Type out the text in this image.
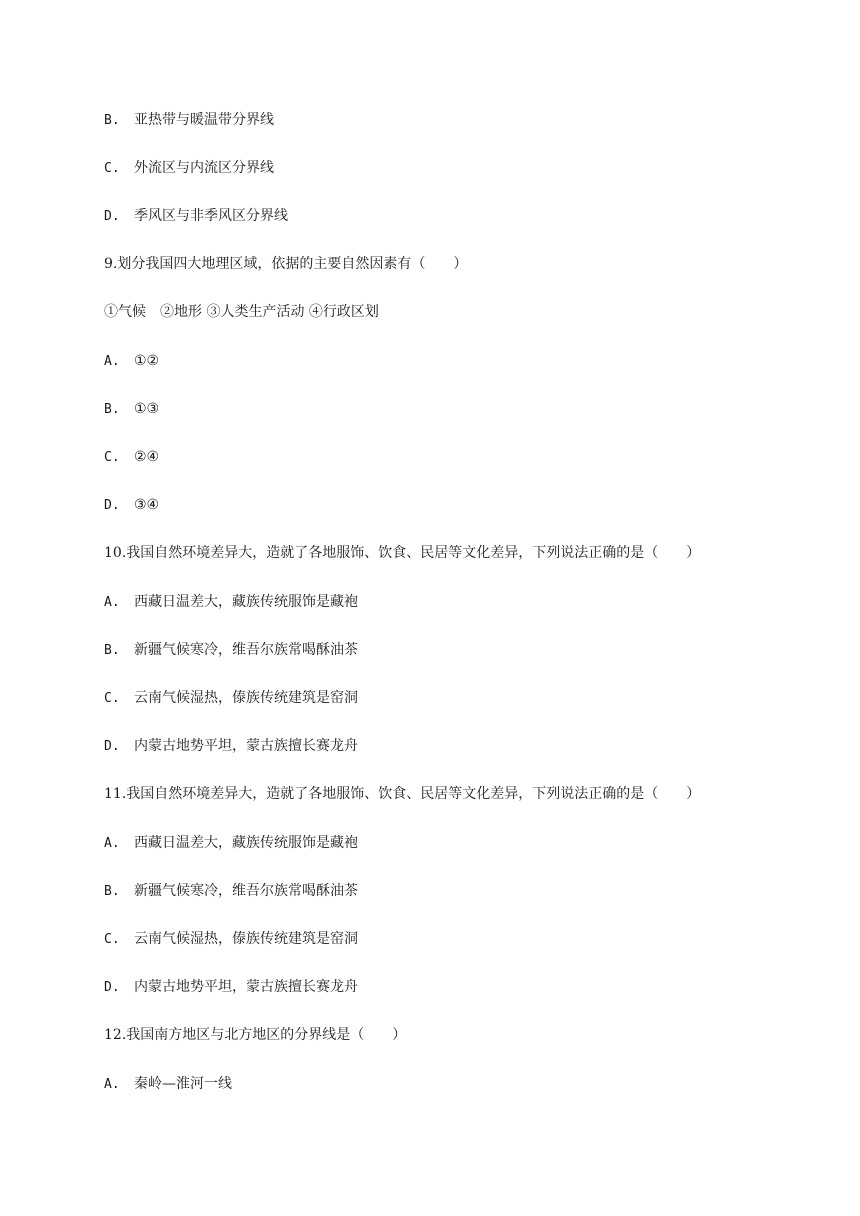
B. 亚热带与暖温带分界线
C. 外流区与内流区分界线
D. 季风区与非季风区分界线
9.划分我国四大地理区域，依据的主要自然因素有（　　）
①气候　②地形 ③人类生产活动 ④行政区划
A. ①②
B. ①③
C. ②④
D. ③④
10.我国自然环境差异大，造就了各地服饰、饮食、民居等文化差异，下列说法正确的是（　　）
A. 西藏日温差大，藏族传统服饰是藏袍
B. 新疆气候寒冷，维吾尔族常喝酥油茶
C. 云南气候湿热，傣族传统建筑是窑洞
D. 内蒙古地势平坦，蒙古族擅长赛龙舟
11.我国自然环境差异大，造就了各地服饰、饮食、民居等文化差异，下列说法正确的是（　　）
A. 西藏日温差大，藏族传统服饰是藏袍
B. 新疆气候寒冷，维吾尔族常喝酥油茶
C. 云南气候湿热，傣族传统建筑是窑洞
D. 内蒙古地势平坦，蒙古族擅长赛龙舟
12.我国南方地区与北方地区的分界线是（　　）
A. 秦岭—淮河一线
